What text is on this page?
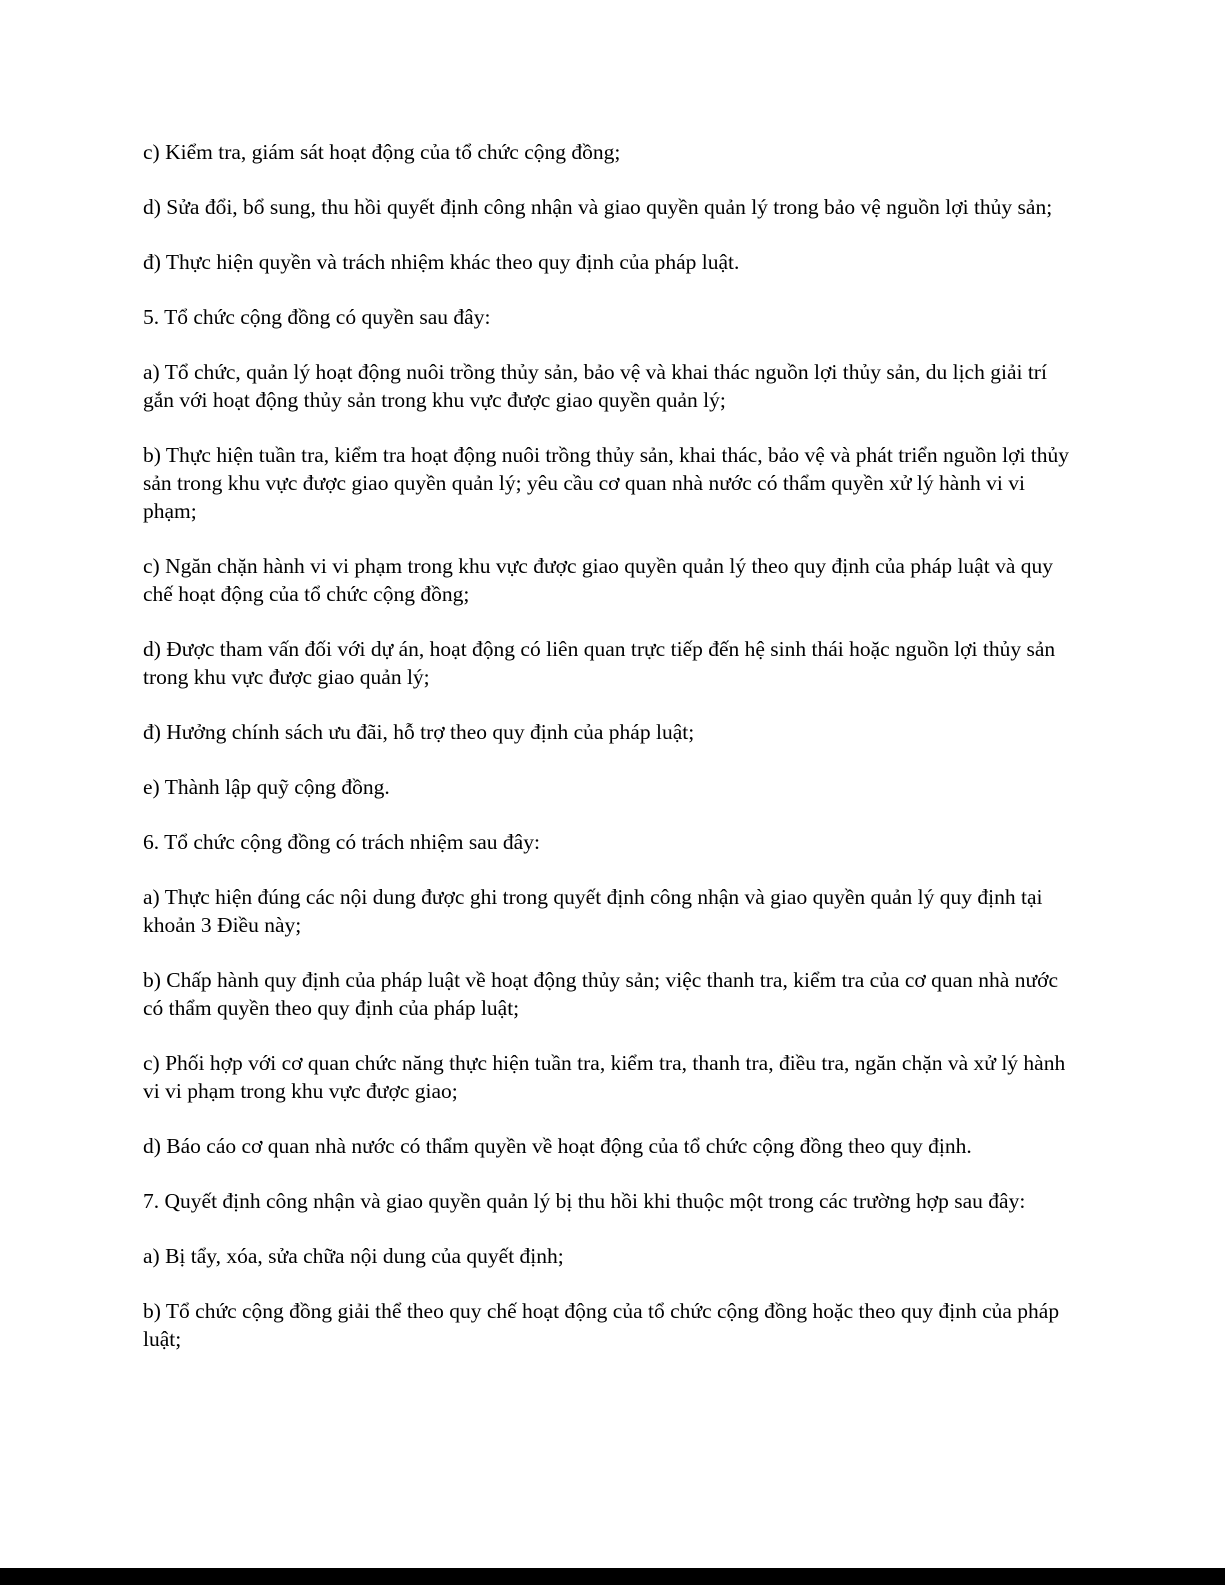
c) Kiểm tra, giám sát hoạt động của tổ chức cộng đồng;

d) Sửa đổi, bổ sung, thu hồi quyết định công nhận và giao quyền quản lý trong bảo vệ nguồn lợi thủy sản;

đ) Thực hiện quyền và trách nhiệm khác theo quy định của pháp luật.

5. Tổ chức cộng đồng có quyền sau đây:

a) Tổ chức, quản lý hoạt động nuôi trồng thủy sản, bảo vệ và khai thác nguồn lợi thủy sản, du lịch giải trí gắn với hoạt động thủy sản trong khu vực được giao quyền quản lý;

b) Thực hiện tuần tra, kiểm tra hoạt động nuôi trồng thủy sản, khai thác, bảo vệ và phát triển nguồn lợi thủy sản trong khu vực được giao quyền quản lý; yêu cầu cơ quan nhà nước có thẩm quyền xử lý hành vi vi phạm;

c) Ngăn chặn hành vi vi phạm trong khu vực được giao quyền quản lý theo quy định của pháp luật và quy chế hoạt động của tổ chức cộng đồng;

d) Được tham vấn đối với dự án, hoạt động có liên quan trực tiếp đến hệ sinh thái hoặc nguồn lợi thủy sản trong khu vực được giao quản lý;

đ) Hưởng chính sách ưu đãi, hỗ trợ theo quy định của pháp luật;

e) Thành lập quỹ cộng đồng.

6. Tổ chức cộng đồng có trách nhiệm sau đây:

a) Thực hiện đúng các nội dung được ghi trong quyết định công nhận và giao quyền quản lý quy định tại khoản 3 Điều này;

b) Chấp hành quy định của pháp luật về hoạt động thủy sản; việc thanh tra, kiểm tra của cơ quan nhà nước có thẩm quyền theo quy định của pháp luật;

c) Phối hợp với cơ quan chức năng thực hiện tuần tra, kiểm tra, thanh tra, điều tra, ngăn chặn và xử lý hành vi vi phạm trong khu vực được giao;

d) Báo cáo cơ quan nhà nước có thẩm quyền về hoạt động của tổ chức cộng đồng theo quy định.

7. Quyết định công nhận và giao quyền quản lý bị thu hồi khi thuộc một trong các trường hợp sau đây:

a) Bị tẩy, xóa, sửa chữa nội dung của quyết định;

b) Tổ chức cộng đồng giải thể theo quy chế hoạt động của tổ chức cộng đồng hoặc theo quy định của pháp luật;
